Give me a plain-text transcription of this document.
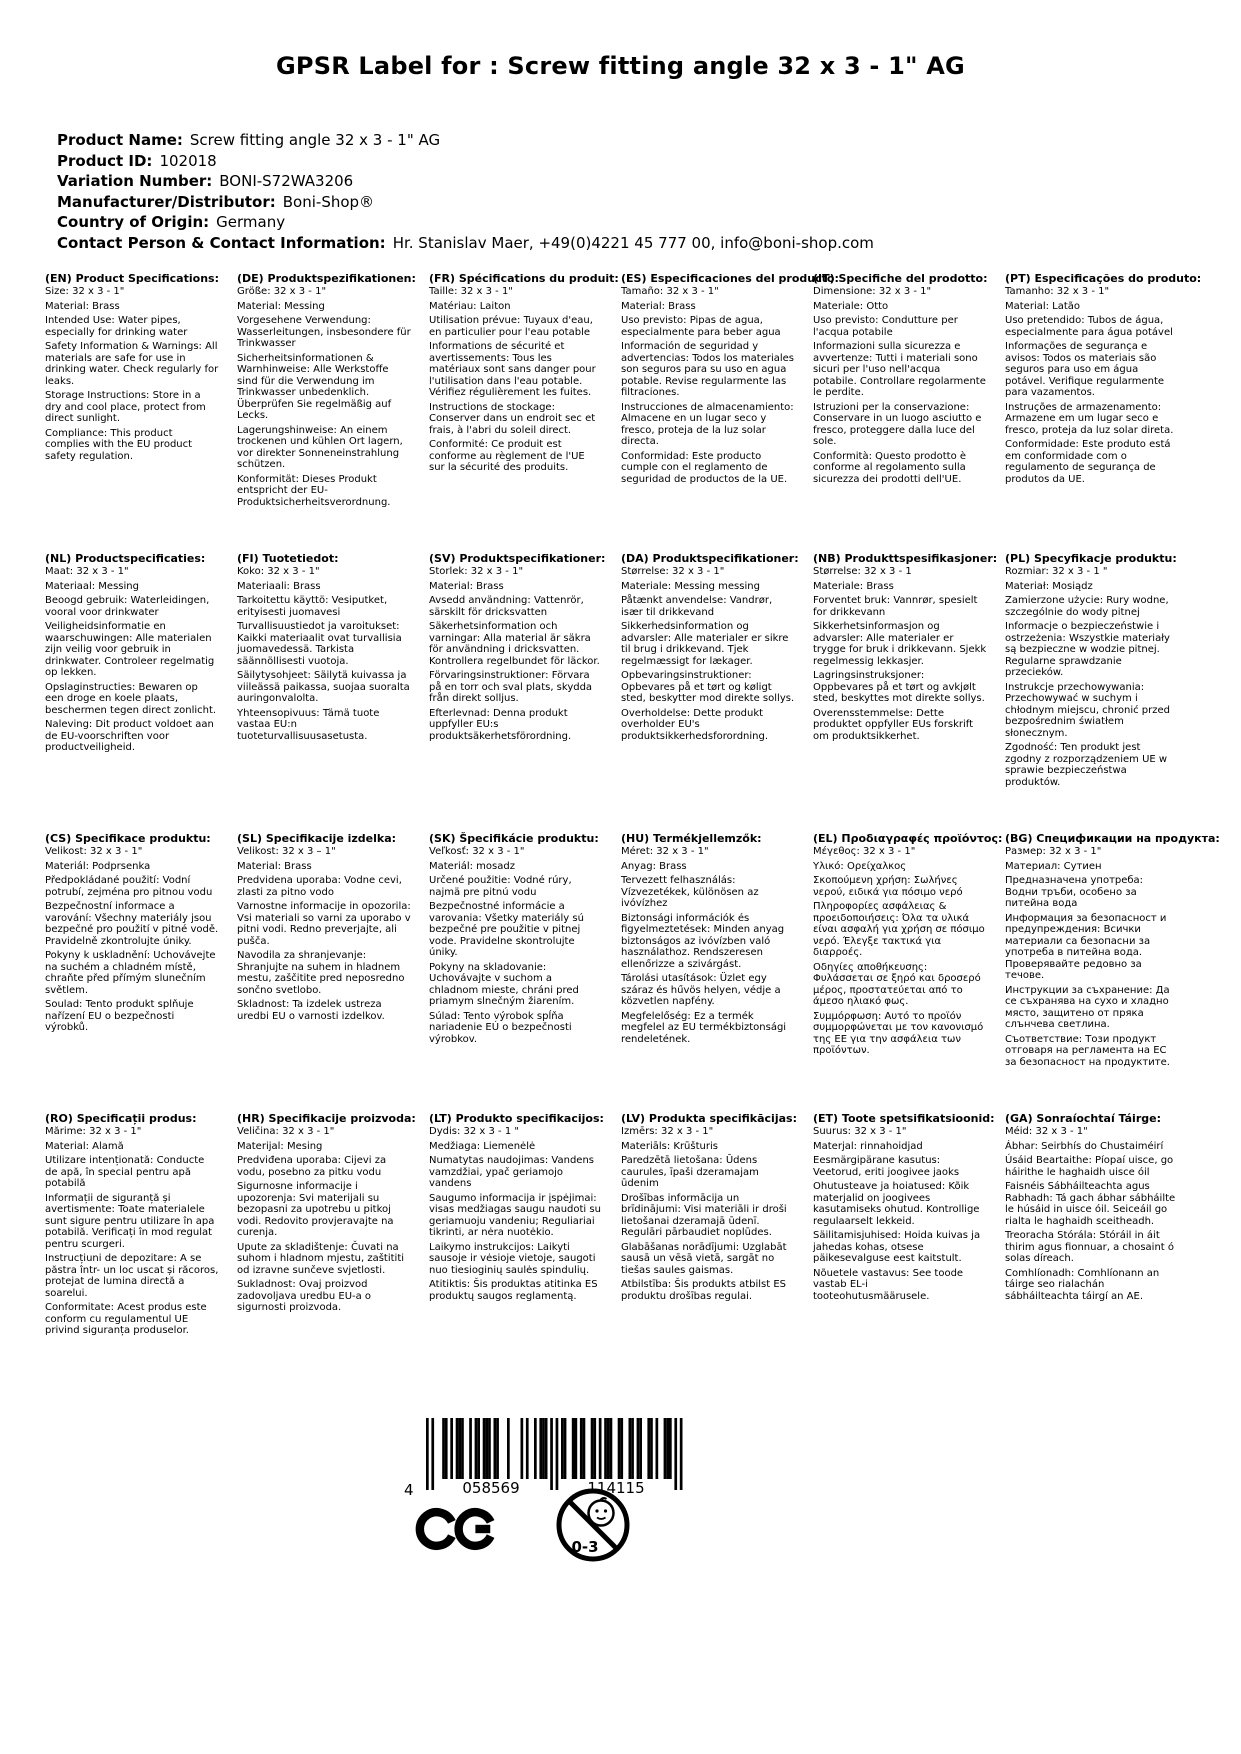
GPSR Label for : Screw fitting angle 32 x 3 - 1" AG
Product Name: Screw fitting angle 32 x 3 - 1" AG
Product ID: 102018
Variation Number: BONI-S72WA3206
Manufacturer/Distributor: Boni-Shop®
Country of Origin: Germany
Contact Person & Contact Information: Hr. Stanislav Maer, +49(0)4221 45 777 00, info@boni-shop.com
(EN) Product Specifications:
Size: 32 x 3 - 1"
Material: Brass
Intended Use: Water pipes, especially for drinking water
Safety Information & Warnings: All materials are safe for use in drinking water. Check regularly for leaks.
Storage Instructions: Store in a dry and cool place, protect from direct sunlight.
Compliance: This product complies with the EU product safety regulation.
(DE) Produktspezifikationen:
Größe: 32 x 3 - 1"
Material: Messing
Vorgesehene Verwendung: Wasserleitungen, insbesondere für Trinkwasser
Sicherheitsinformationen & Warnhinweise: Alle Werkstoffe sind für die Verwendung im Trinkwasser unbedenklich. Überprüfen Sie regelmäßig auf Lecks.
Lagerungshinweise: An einem trockenen und kühlen Ort lagern, vor direkter Sonneneinstrahlung schützen.
Konformität: Dieses Produkt entspricht der EU-Produktsicherheitsverordnung.
(FR) Spécifications du produit:
Taille: 32 x 3 - 1"
Matériau: Laiton
Utilisation prévue: Tuyaux d'eau, en particulier pour l'eau potable
Informations de sécurité et avertissements: Tous les matériaux sont sans danger pour l'utilisation dans l'eau potable. Vérifiez régulièrement les fuites.
Instructions de stockage: Conserver dans un endroit sec et frais, à l'abri du soleil direct.
Conformité: Ce produit est conforme au règlement de l'UE sur la sécurité des produits.
(ES) Especificaciones del producto:
Tamaño: 32 x 3 - 1"
Material: Brass
Uso previsto: Pipas de agua, especialmente para beber agua
Información de seguridad y advertencias: Todos los materiales son seguros para su uso en agua potable. Revise regularmente las filtraciones.
Instrucciones de almacenamiento: Almacene en un lugar seco y fresco, proteja de la luz solar directa.
Conformidad: Este producto cumple con el reglamento de seguridad de productos de la UE.
(IT) Specifiche del prodotto:
Dimensione: 32 x 3 - 1"
Materiale: Otto
Uso previsto: Condutture per l'acqua potabile
Informazioni sulla sicurezza e avvertenze: Tutti i materiali sono sicuri per l'uso nell'acqua potabile. Controllare regolarmente le perdite.
Istruzioni per la conservazione: Conservare in un luogo asciutto e fresco, proteggere dalla luce del sole.
Conformità: Questo prodotto è conforme al regolamento sulla sicurezza dei prodotti dell'UE.
(PT) Especificações do produto:
Tamanho: 32 x 3 - 1"
Material: Latão
Uso pretendido: Tubos de água, especialmente para água potável
Informações de segurança e avisos: Todos os materiais são seguros para uso em água potável. Verifique regularmente para vazamentos.
Instruções de armazenamento: Armazene em um lugar seco e fresco, proteja da luz solar direta.
Conformidade: Este produto está em conformidade com o regulamento de segurança de produtos da UE.
(NL) Productspecificaties:
Maat: 32 x 3 - 1"
Materiaal: Messing
Beoogd gebruik: Waterleidingen, vooral voor drinkwater
Veiligheidsinformatie en waarschuwingen: Alle materialen zijn veilig voor gebruik in drinkwater. Controleer regelmatig op lekken.
Opslaginstructies: Bewaren op een droge en koele plaats, beschermen tegen direct zonlicht.
Naleving: Dit product voldoet aan de EU-voorschriften voor productveiligheid.
(FI) Tuotetiedot:
Koko: 32 x 3 - 1"
Materiaali: Brass
Tarkoitettu käyttö: Vesiputket, erityisesti juomavesi
Turvallisuustiedot ja varoitukset: Kaikki materiaalit ovat turvallisia juomavedessä. Tarkista säännöllisesti vuotoja.
Säilytysohjeet: Säilytä kuivassa ja viileässä paikassa, suojaa suoralta auringonvalolta.
Yhteensopivuus: Tämä tuote vastaa EU:n tuoteturvallisuusasetusta.
(SV) Produktspecifikationer:
Storlek: 32 x 3 - 1"
Material: Brass
Avsedd användning: Vattenrör, särskilt för dricksvatten
Säkerhetsinformation och varningar: Alla material är säkra för användning i dricksvatten. Kontrollera regelbundet för läckor.
Förvaringsinstruktioner: Förvara på en torr och sval plats, skydda från direkt solljus.
Efterlevnad: Denna produkt uppfyller EU:s produktsäkerhetsförordning.
(DA) Produktspecifikationer:
Størrelse: 32 x 3 - 1"
Materiale: Messing messing
Påtænkt anvendelse: Vandrør, især til drikkevand
Sikkerhedsinformation og advarsler: Alle materialer er sikre til brug i drikkevand. Tjek regelmæssigt for lækager.
Opbevaringsinstruktioner: Opbevares på et tørt og køligt sted, beskytter mod direkte sollys.
Overholdelse: Dette produkt overholder EU's produktsikkerhedsforordning.
(NB) Produkttspesifikasjoner:
Størrelse: 32 x 3 - 1
Materiale: Brass
Forventet bruk: Vannrør, spesielt for drikkevann
Sikkerhetsinformasjon og advarsler: Alle materialer er trygge for bruk i drikkevann. Sjekk regelmessig lekkasjer.
Lagringsinstruksjoner: Oppbevares på et tørt og avkjølt sted, beskyttes mot direkte sollys.
Overensstemmelse: Dette produktet oppfyller EUs forskrift om produktsikkerhet.
(PL) Specyfikacje produktu:
Rozmiar: 32 x 3 - 1 "
Materiał: Mosiądz
Zamierzone użycie: Rury wodne, szczególnie do wody pitnej
Informacje o bezpieczeństwie i ostrzeżenia: Wszystkie materiały są bezpieczne w wodzie pitnej. Regularne sprawdzanie przecieków.
Instrukcje przechowywania: Przechowywać w suchym i chłodnym miejscu, chronić przed bezpośrednim światłem słonecznym.
Zgodność: Ten produkt jest zgodny z rozporządzeniem UE w sprawie bezpieczeństwa produktów.
(CS) Specifikace produktu:
Velikost: 32 x 3 - 1"
Materiál: Podprsenka
Předpokládané použití: Vodní potrubí, zejména pro pitnou vodu
Bezpečnostní informace a varování: Všechny materiály jsou bezpečné pro použití v pitné vodě. Pravidelně zkontrolujte úniky.
Pokyny k uskladnění: Uchovávejte na suchém a chladném místě, chraňte před přímým slunečním světlem.
Soulad: Tento produkt splňuje nařízení EU o bezpečnosti výrobků.
(SL) Specifikacije izdelka:
Velikost: 32 x 3 – 1"
Material: Brass
Predvidena uporaba: Vodne cevi, zlasti za pitno vodo
Varnostne informacije in opozorila: Vsi materiali so varni za uporabo v pitni vodi. Redno preverjajte, ali pušča.
Navodila za shranjevanje: Shranjujte na suhem in hladnem mestu, zaščitite pred neposredno sončno svetlobo.
Skladnost: Ta izdelek ustreza uredbi EU o varnosti izdelkov.
(SK) Špecifikácie produktu:
Veľkosť: 32 x 3 - 1"
Materiál: mosadz
Určené použitie: Vodné rúry, najmä pre pitnú vodu
Bezpečnostné informácie a varovania: Všetky materiály sú bezpečné pre použitie v pitnej vode. Pravidelne skontrolujte úniky.
Pokyny na skladovanie: Uchovávajte v suchom a chladnom mieste, chráni pred priamym slnečným žiarením.
Súlad: Tento výrobok spĺňa nariadenie EÚ o bezpečnosti výrobkov.
(HU) Termékjellemzők:
Méret: 32 x 3 - 1"
Anyag: Brass
Tervezett felhasználás: Vízvezetékek, különösen az ivóvízhez
Biztonsági információk és figyelmeztetések: Minden anyag biztonságos az ivóvízben való használathoz. Rendszeresen ellenőrizze a szivárgást.
Tárolási utasítások: Üzlet egy száraz és hűvös helyen, védje a közvetlen napfény.
Megfelelőség: Ez a termék megfelel az EU termékbiztonsági rendeletének.
(EL) Προδιαγραφές προϊόντος:
Μέγεθος: 32 x 3 - 1"
Υλικό: Ορείχαλκος
Σκοπούμενη χρήση: Σωλήνες νερού, ειδικά για πόσιμο νερό
Πληροφορίες ασφάλειας & προειδοποιήσεις: Όλα τα υλικά είναι ασφαλή για χρήση σε πόσιμο νερό. Έλεγξε τακτικά για διαρροές.
Οδηγίες αποθήκευσης: Φυλάσσεται σε ξηρό και δροσερό μέρος, προστατεύεται από το άμεσο ηλιακό φως.
Συμμόρφωση: Αυτό το προϊόν συμμορφώνεται με τον κανονισμό της ΕΕ για την ασφάλεια των προϊόντων.
(BG) Спецификации на продукта:
Размер: 32 x 3 - 1"
Материал: Сутиен
Предназначена употреба: Водни тръби, особено за питейна вода
Информация за безопасност и предупреждения: Всички материали са безопасни за употреба в питейна вода. Проверявайте редовно за течове.
Инструкции за съхранение: Да се съхранява на сухо и хладно място, защитено от пряка слънчева светлина.
Съответствие: Този продукт отговаря на регламента на ЕС за безопасност на продуктите.
(RO) Specificații produs:
Mărime: 32 x 3 - 1"
Material: Alamă
Utilizare intenționată: Conducte de apă, în special pentru apă potabilă
Informații de siguranță și avertismente: Toate materialele sunt sigure pentru utilizare în apa potabilă. Verificați în mod regulat pentru scurgeri.
Instrucțiuni de depozitare: A se păstra într- un loc uscat și răcoros, protejat de lumina directă a soarelui.
Conformitate: Acest produs este conform cu regulamentul UE privind siguranța produselor.
(HR) Specifikacije proizvoda:
Veličina: 32 x 3 - 1"
Materijal: Mesing
Predviđena uporaba: Cijevi za vodu, posebno za pitku vodu
Sigurnosne informacije i upozorenja: Svi materijali su bezopasni za upotrebu u pitkoj vodi. Redovito provjeravajte na curenja.
Upute za skladištenje: Čuvati na suhom i hladnom mjestu, zaštititi od izravne sunčeve svjetlosti.
Sukladnost: Ovaj proizvod zadovoljava uredbu EU-a o sigurnosti proizvoda.
(LT) Produkto specifikacijos:
Dydis: 32 x 3 - 1 "
Medžiaga: Liemenėlė
Numatytas naudojimas: Vandens vamzdžiai, ypač geriamojo vandens
Saugumo informacija ir įspėjimai: visas medžiagas saugu naudoti su geriamuoju vandeniu; Reguliariai tikrinti, ar nėra nuotėkio.
Laikymo instrukcijos: Laikyti sausoje ir vėsioje vietoje, saugoti nuo tiesioginių saulės spindulių.
Atitiktis: Šis produktas atitinka ES produktų saugos reglamentą.
(LV) Produkta specifikācijas:
Izmērs: 32 x 3 - 1"
Materiāls: Krūšturis
Paredzētā lietošana: Ūdens caurules, īpaši dzeramajam ūdenim
Drošības informācija un brīdinājumi: Visi materiāli ir droši lietošanai dzeramajā ūdenī. Regulāri pārbaudiet noplūdes.
Glabāšanas norādījumi: Uzglabāt sausā un vēsā vietā, sargāt no tiešas saules gaismas.
Atbilstība: Šis produkts atbilst ES produktu drošības regulai.
(ET) Toote spetsifikatsioonid:
Suurus: 32 x 3 - 1"
Materjal: rinnahoidjad
Eesmärgipärane kasutus: Veetorud, eriti joogivee jaoks
Ohutusteave ja hoiatused: Kõik materjalid on joogivees kasutamiseks ohutud. Kontrollige regulaarselt lekkeid.
Säilitamisjuhised: Hoida kuivas ja jahedas kohas, otsese päikesevalguse eest kaitstult.
Nõuetele vastavus: See toode vastab EL-i tooteohutusmäärusele.
(GA) Sonraíochtaí Táirge:
Méid: 32 x 3 - 1"
Ábhar: Seirbhís do Chustaiméirí
Úsáid Beartaithe: Píopaí uisce, go háirithe le haghaidh uisce óil
Faisnéis Sábháilteachta agus Rabhadh: Tá gach ábhar sábháilte le húsáid in uisce óil. Seiceáil go rialta le haghaidh sceitheadh.
Treoracha Stórála: Stóráil in áit thirim agus fionnuar, a chosaint ó solas díreach.
Comhlíonadh: Comhlíonann an táirge seo rialachán sábháilteachta táirgí an AE.
4	058569	114115
0-3
